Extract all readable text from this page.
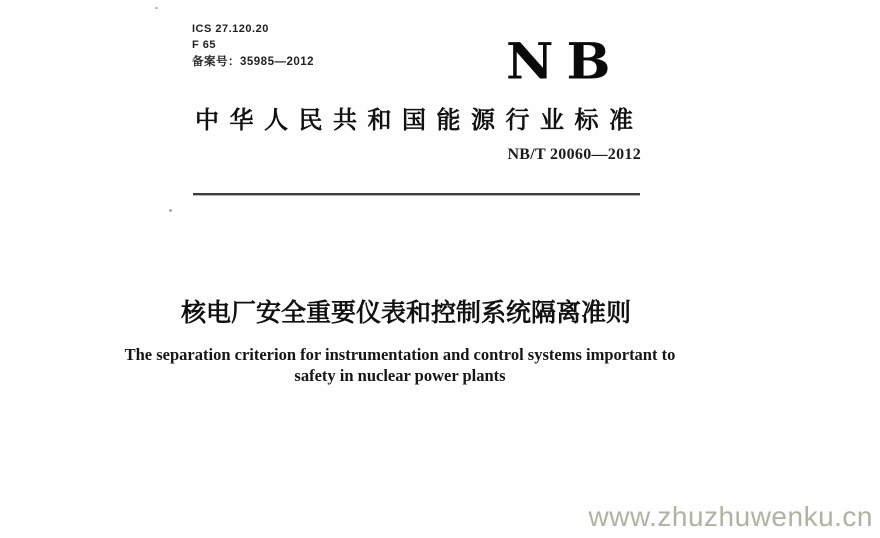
ICS 27.120.20
F 65
备案号：35985—2012	NB
中华人民共和国能源行业标准
NB/T 20060—2012
核电厂安全重要仪表和控制系统隔离准则
The separation criterion for instrumentation and control systems important to
safety in nuclear power plants
www.zhuzhuwenku.cn
